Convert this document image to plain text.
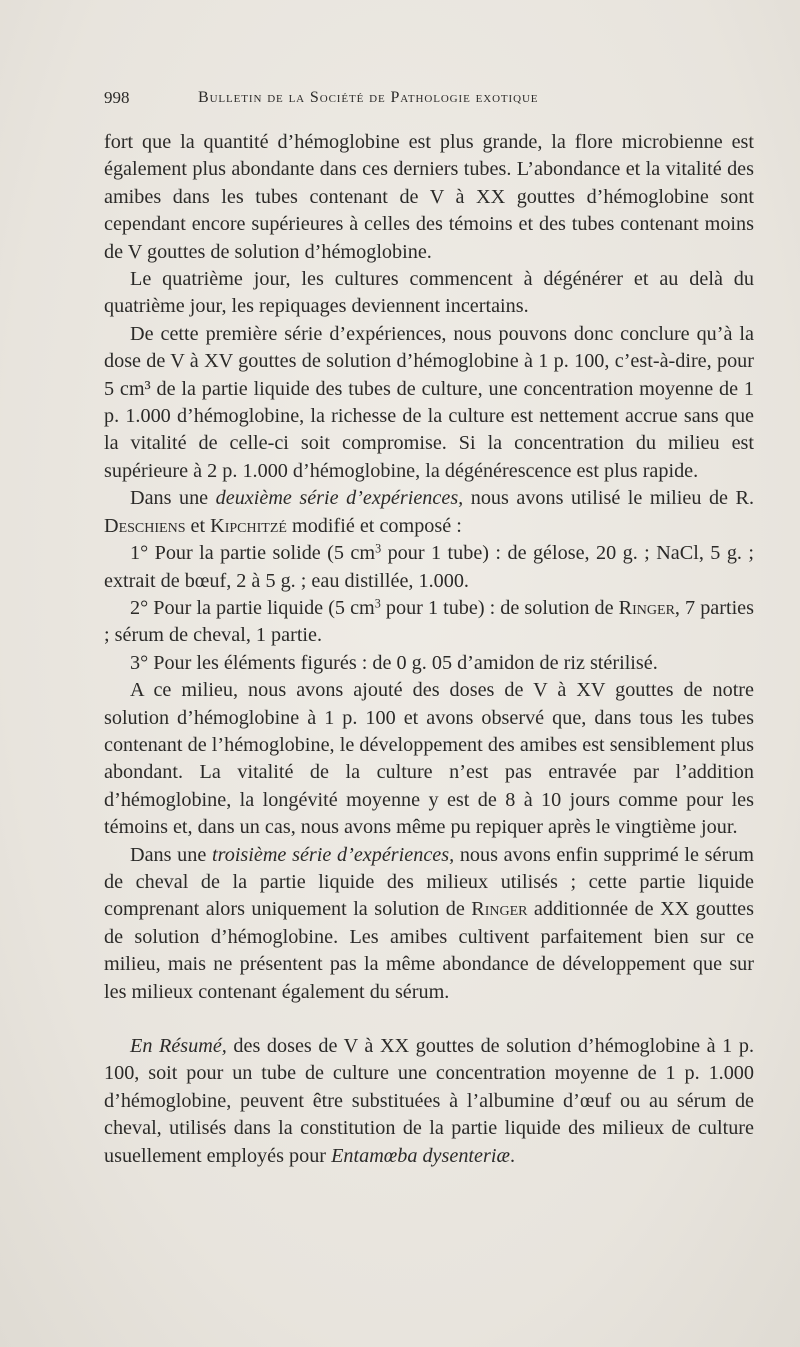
998	Bulletin de la Société de Pathologie exotique

fort que la quantité d’hémoglobine est plus grande, la flore microbienne est également plus abondante dans ces derniers tubes. L’abondance et la vitalité des amibes dans les tubes contenant de V à XX gouttes d’hémoglobine sont cependant encore supérieures à celles des témoins et des tubes contenant moins de V gouttes de solution d’hémoglobine.

Le quatrième jour, les cultures commencent à dégénérer et au delà du quatrième jour, les repiquages deviennent incertains.

De cette première série d’expériences, nous pouvons donc conclure qu’à la dose de V à XV gouttes de solution d’hémoglobine à 1 p. 100, c’est-à-dire, pour 5 cm³ de la partie liquide des tubes de culture, une concentration moyenne de 1 p. 1.000 d’hémoglobine, la richesse de la culture est nettement accrue sans que la vitalité de celle-ci soit compromise. Si la concentration du milieu est supérieure à 2 p. 1.000 d’hémoglobine, la dégénérescence est plus rapide.

Dans une deuxième série d’expériences, nous avons utilisé le milieu de R. Deschiens et Kipchitzé modifié et composé :

1° Pour la partie solide (5 $cm^3$ pour 1 tube) : de gélose, 20 g. ; NaCl, 5 g. ; extrait de bœuf, 2 à 5 g. ; eau distillée, 1.000.

2° Pour la partie liquide (5 $cm^3$ pour 1 tube) : de solution de Ringer, 7 parties ; sérum de cheval, 1 partie.

3° Pour les éléments figurés : de 0 g. 05 d’amidon de riz stérilisé.

A ce milieu, nous avons ajouté des doses de V à XV gouttes de notre solution d’hémoglobine à 1 p. 100 et avons observé que, dans tous les tubes contenant de l’hémoglobine, le développement des amibes est sensiblement plus abondant. La vitalité de la culture n’est pas entravée par l’addition d’hémoglobine, la longévité moyenne y est de 8 à 10 jours comme pour les témoins et, dans un cas, nous avons même pu repiquer après le vingtième jour.

Dans une troisième série d’expériences, nous avons enfin supprimé le sérum de cheval de la partie liquide des milieux utilisés ; cette partie liquide comprenant alors uniquement la solution de Ringer additionnée de XX gouttes de solution d’hémoglobine. Les amibes cultivent parfaitement bien sur ce milieu, mais ne présentent pas la même abondance de développement que sur les milieux contenant également du sérum.

En Résumé, des doses de V à XX gouttes de solution d’hémoglobine à 1 p. 100, soit pour un tube de culture une concentration moyenne de 1 p. 1.000 d’hémoglobine, peuvent être substituées à l’albumine d’œuf ou au sérum de cheval, utilisés dans la constitution de la partie liquide des milieux de culture usuellement employés pour Entamœba dysenteriæ.
